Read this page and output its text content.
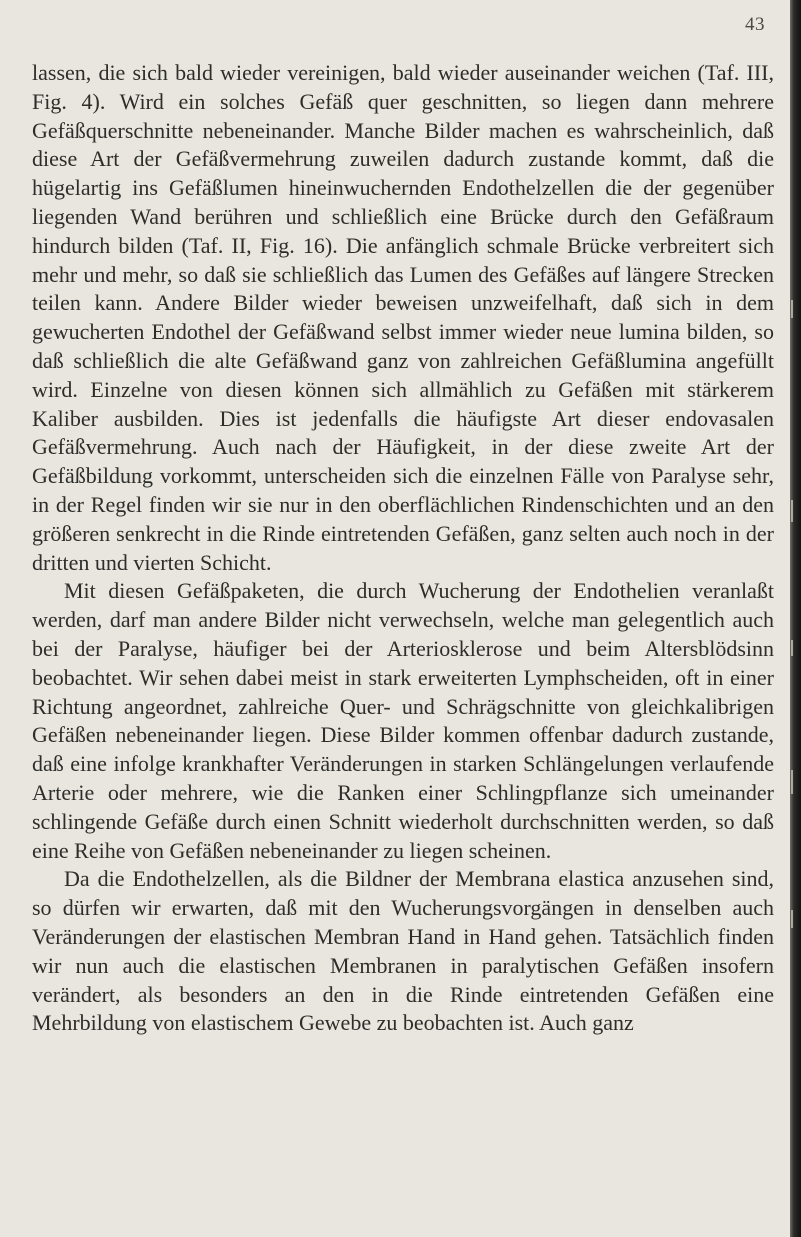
43

lassen, die sich bald wieder vereinigen, bald wieder auseinander weichen (Taf. III, Fig. 4). Wird ein solches Gefäß quer geschnitten, so liegen dann mehrere Gefäßquerschnitte nebeneinander. Manche Bilder machen es wahrscheinlich, daß diese Art der Gefäßvermehrung zuweilen dadurch zustande kommt, daß die hügelartig ins Gefäßlumen hineinwuchernden Endothelzellen die der gegenüber liegenden Wand berühren und schließlich eine Brücke durch den Gefäßraum hindurch bilden (Taf. II, Fig. 16). Die anfänglich schmale Brücke verbreitert sich mehr und mehr, so daß sie schließlich das Lumen des Gefäßes auf längere Strecken teilen kann. Andere Bilder wieder beweisen unzweifelhaft, daß sich in dem gewucherten Endothel der Gefäßwand selbst immer wieder neue lumina bilden, so daß schließlich die alte Gefäßwand ganz von zahlreichen Gefäßlumina angefüllt wird. Einzelne von diesen können sich allmählich zu Gefäßen mit stärkerem Kaliber ausbilden. Dies ist jedenfalls die häufigste Art dieser endovasalen Gefäßvermehrung. Auch nach der Häufigkeit, in der diese zweite Art der Gefäßbildung vorkommt, unterscheiden sich die einzelnen Fälle von Paralyse sehr, in der Regel finden wir sie nur in den oberflächlichen Rindenschichten und an den größeren senkrecht in die Rinde eintretenden Gefäßen, ganz selten auch noch in der dritten und vierten Schicht.

Mit diesen Gefäßpaketen, die durch Wucherung der Endothelien veranlaßt werden, darf man andere Bilder nicht verwechseln, welche man gelegentlich auch bei der Paralyse, häufiger bei der Arteriosklerose und beim Altersblödsinn beobachtet. Wir sehen dabei meist in stark erweiterten Lymphscheiden, oft in einer Richtung angeordnet, zahlreiche Quer- und Schrägschnitte von gleichkalibrigen Gefäßen nebeneinander liegen. Diese Bilder kommen offenbar dadurch zustande, daß eine infolge krankhafter Veränderungen in starken Schlängelungen verlaufende Arterie oder mehrere, wie die Ranken einer Schlingpflanze sich umeinander schlingende Gefäße durch einen Schnitt wiederholt durchschnitten werden, so daß eine Reihe von Gefäßen nebeneinander zu liegen scheinen.

Da die Endothelzellen, als die Bildner der Membrana elastica anzusehen sind, so dürfen wir erwarten, daß mit den Wucherungsvorgängen in denselben auch Veränderungen der elastischen Membran Hand in Hand gehen. Tatsächlich finden wir nun auch die elastischen Membranen in paralytischen Gefäßen insofern verändert, als besonders an den in die Rinde eintretenden Gefäßen eine Mehrbildung von elastischem Gewebe zu beobachten ist. Auch ganz
